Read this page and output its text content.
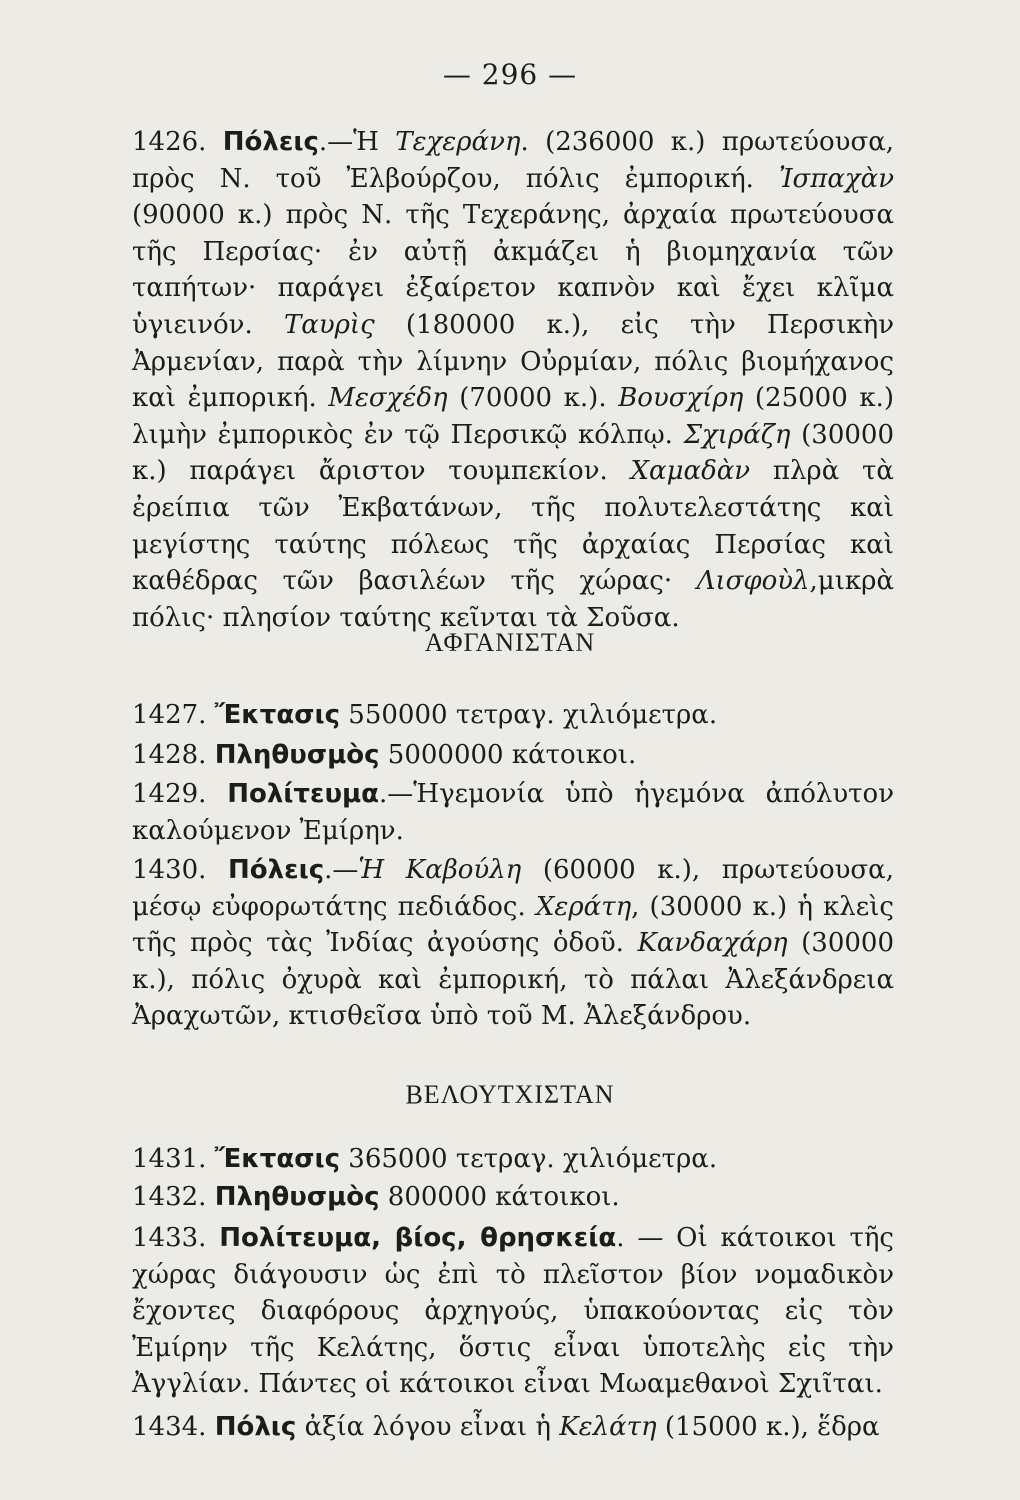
— 296 —
1426. Πόλεις.—Ἡ Τεχεράνη. (236000 κ.) πρωτεύουσα, πρὸς Ν. τοῦ Ἐλβούρζου, πόλις ἐμπορική. Ἰσπαχὰν (90000 κ.) πρὸς Ν. τῆς Τεχεράνης, ἀρχαία πρωτεύουσα τῆς Περσίας· ἐν αὐτῇ ἀκμάζει ἡ βιομηχανία τῶν ταπήτων· παράγει ἐξαίρετον καπνὸν καὶ ἔχει κλῖμα ὑγιεινόν. Ταυρὶς (180000 κ.), εἰς τὴν Περσικὴν Ἀρμενίαν, παρὰ τὴν λίμνην Οὐρμίαν, πόλις βιομήχανος καὶ ἐμπορική. Μεσχέδη (70000 κ.). Βουσχίρη (25000 κ.) λιμὴν ἐμπορικὸς ἐν τῷ Περσικῷ κόλπῳ. Σχιράζη (30000 κ.) παράγει ἄριστον τουμπεκίον. Χαμαδὰν πλρὰ τὰ ἐρείπια τῶν Ἐκβατάνων, τῆς πολυτελεστάτης καὶ μεγίστης ταύτης πόλεως τῆς ἀρχαίας Περσίας καὶ καθέδρας τῶν βασιλέων τῆς χώρας· Λισφοὺλ,μικρὰ πόλις· πλησίον ταύτης κεῖνται τὰ Σοῦσα.
ΑΦΓΑΝΙΣΤΑΝ
1427. Ἔκτασις 550000 τετραγ. χιλιόμετρα.
1428. Πληθυσμὸς 5000000 κάτοικοι.
1429. Πολίτευμα.—Ἡγεμονία ὑπὸ ἡγεμόνα ἀπόλυτον καλούμενον Ἐμίρην.
1430. Πόλεις.—Ἡ Καβούλη (60000 κ.), πρωτεύουσα, μέσῳ εὐφορωτάτης πεδιάδος. Χεράτη, (30000 κ.) ἡ κλεὶς τῆς πρὸς τὰς Ἰνδίας ἀγούσης ὁδοῦ. Κανδαχάρη (30000 κ.), πόλις ὀχυρὰ καὶ ἐμπορική, τὸ πάλαι Ἀλεξάνδρεια Ἀραχωτῶν, κτισθεῖσα ὑπὸ τοῦ Μ. Ἀλεξάνδρου.
ΒΕΛΟΥΤΧΙΣΤΑΝ
1431. Ἔκτασις 365000 τετραγ. χιλιόμετρα.
1432. Πληθυσμὸς 800000 κάτοικοι.
1433. Πολίτευμα, βίος, θρησκεία. — Οἱ κάτοικοι τῆς χώρας διάγουσιν ὡς ἐπὶ τὸ πλεῖστον βίον νομαδικὸν ἔχοντες διαφόρους ἀρχηγούς, ὑπακούοντας εἰς τὸν Ἐμίρην τῆς Κελάτης, ὅστις εἶναι ὑποτελὴς εἰς τὴν Ἀγγλίαν. Πάντες οἱ κάτοικοι εἶναι Μωαμεθανοὶ Σχιῖται.
1434. Πόλις ἀξία λόγου εἶναι ἡ Κελάτη (15000 κ.), ἕδρα
